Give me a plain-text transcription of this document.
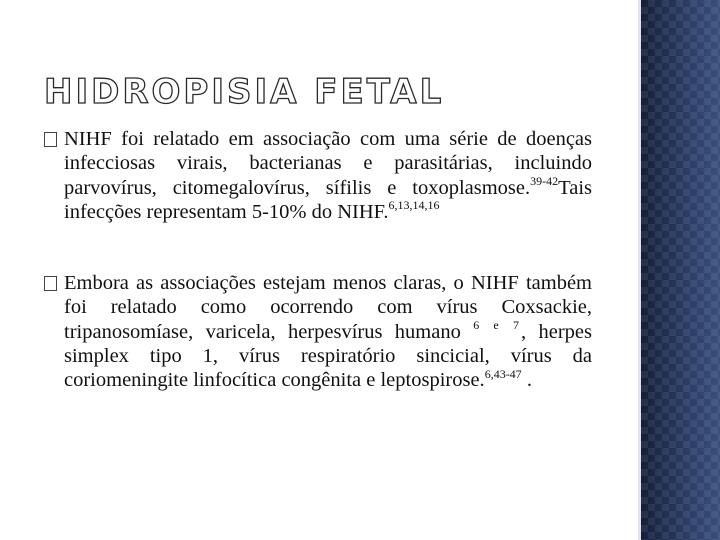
HIDROPISIA FETAL

NIHF foi relatado em associação com uma série de doenças infecciosas virais, bacterianas e parasitárias, incluindo parvovírus, citomegalovírus, sífilis e toxoplasmose.$^{39-42}$Tais infecções representam 5-10% do NIHF.$^{6,13,14,16}$

Embora as associações estejam menos claras, o NIHF também foi relatado como ocorrendo com vírus Coxsackie, tripanosomíase, varicela, herpesvírus humano $^{6 e 7}$, herpes simplex tipo 1, vírus respiratório sincicial, vírus da coriomeningite linfocítica congênita e leptospirose.$^{6,43-47}$ .
